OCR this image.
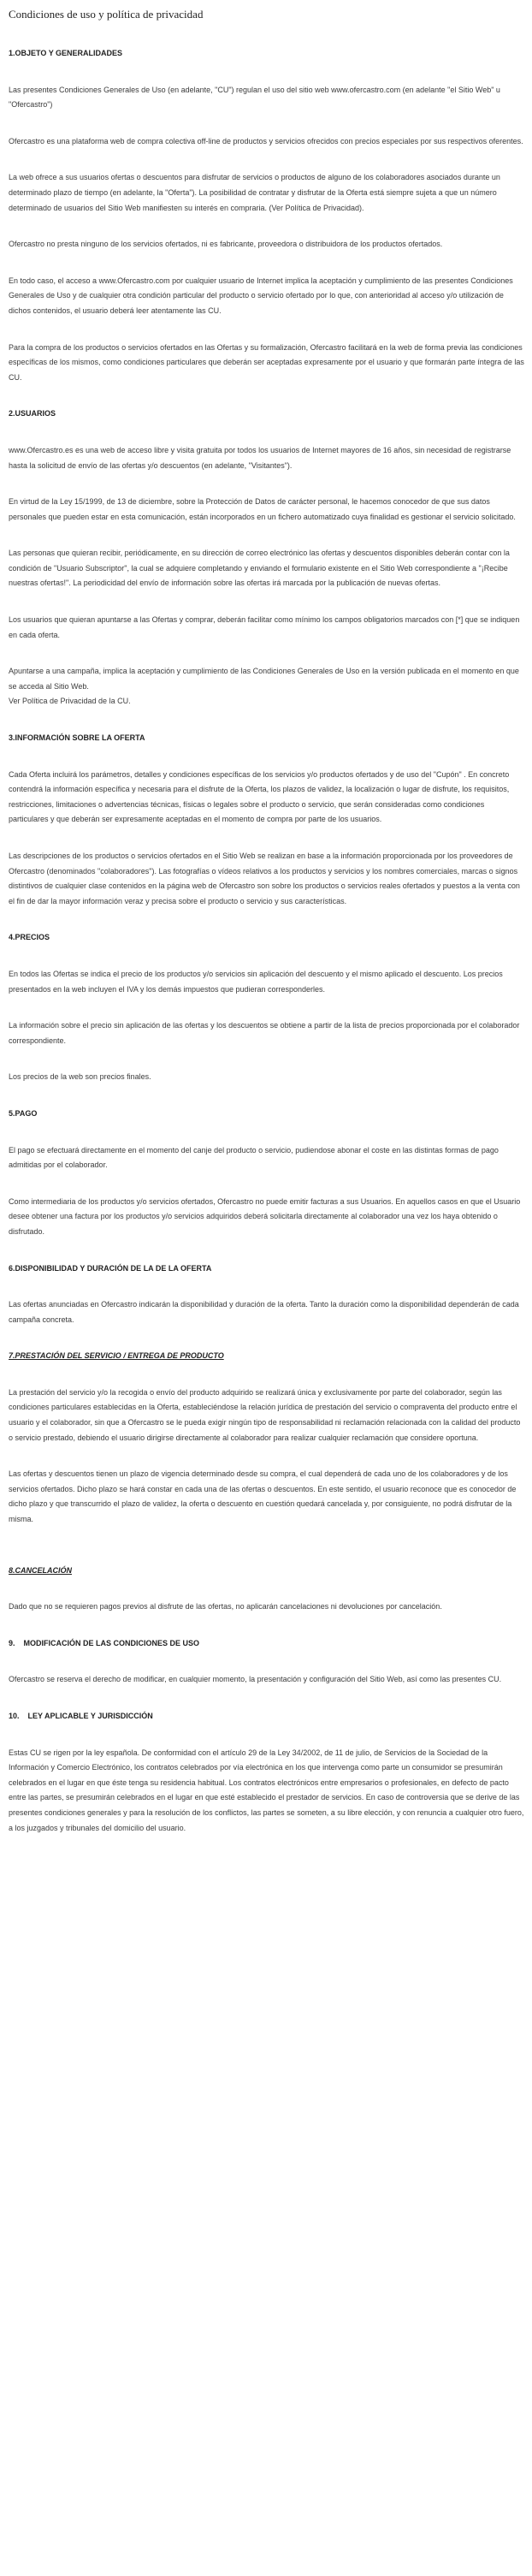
Condiciones de uso y política de privacidad
1.OBJETO Y GENERALIDADES

Las presentes Condiciones Generales de Uso (en adelante, "CU") regulan el uso del sitio web www.ofercastro.com (en adelante "el Sitio Web" u "Ofercastro")

Ofercastro es una plataforma web de compra colectiva off-line de productos y servicios ofrecidos con precios especiales por sus respectivos oferentes.

La web ofrece a sus usuarios ofertas o descuentos para disfrutar de servicios o productos de alguno de los colaboradores asociados durante un determinado plazo de tiempo (en adelante, la "Oferta"). La posibilidad de contratar y disfrutar de la Oferta está siempre sujeta a que un número determinado de usuarios del Sitio Web manifiesten su interés en compraria. (Ver Política de Privacidad).

Ofercastro no presta ninguno de los servicios ofertados, ni es fabricante, proveedora o distribuidora de los productos ofertados.

En todo caso, el acceso a www.Ofercastro.com por cualquier usuario de Internet implica la aceptación y cumplimiento de las presentes Condiciones Generales de Uso y de cualquier otra condición particular del producto o servicio ofertado por lo que, con anterioridad al acceso y/o utilización de dichos contenidos, el usuario deberá leer atentamente las CU.

Para la compra de los productos o servicios ofertados en las Ofertas y su formalización, Ofercastro facilitará en la web de forma previa las condiciones específicas de los mismos, como condiciones particulares que deberán ser aceptadas expresamente por el usuario y que formarán parte íntegra de las CU.

2.USUARIOS

www.Ofercastro.es es una web de acceso libre y visita gratuita por todos los usuarios de Internet mayores de 16 años, sin necesidad de registrarse hasta la solicitud de envío de las ofertas y/o descuentos (en adelante, "Visitantes").

En virtud de la Ley 15/1999, de 13 de diciembre, sobre la Protección de Datos de carácter personal, le hacemos conocedor de que sus datos personales que pueden estar en esta comunicación, están incorporados en un fichero automatizado cuya finalidad es gestionar el servicio solicitado.

Las personas que quieran recibir, periódicamente, en su dirección de correo electrónico las ofertas y descuentos disponibles deberán contar con la condición de "Usuario Subscriptor", la cual se adquiere completando y enviando el formulario existente en el Sitio Web correspondiente a "¡Recibe nuestras ofertas!". La periodicidad del envío de información sobre las ofertas irá marcada por la publicación de nuevas ofertas.

Los usuarios que quieran apuntarse a las Ofertas y comprar, deberán facilitar como mínimo los campos obligatorios marcados con [*] que se indiquen en cada oferta.

Apuntarse a una campaña, implica la aceptación y cumplimiento de las Condiciones Generales de Uso en la versión publicada en el momento en que se acceda al Sitio Web.
Ver Política de Privacidad de la CU.

3.INFORMACIÓN SOBRE LA OFERTA

Cada Oferta incluirá los parámetros, detalles y condiciones específicas de los servicios y/o productos ofertados y de uso del "Cupón" . En concreto contendrá la información específica y necesaria para el disfrute de la Oferta, los plazos de validez, la localización o lugar de disfrute, los requisitos, restricciones, limitaciones o advertencias técnicas, físicas o legales sobre el producto o servicio, que serán consideradas como condiciones particulares y que deberán ser expresamente aceptadas en el momento de compra por parte de los usuarios.

Las descripciones de los productos o servicios ofertados en el Sitio Web se realizan en base a la información proporcionada por los proveedores de Ofercastro (denominados "colaboradores"). Las fotografías o vídeos relativos a los productos y servicios y los nombres comerciales, marcas o signos distintivos de cualquier clase contenidos en la página web de Ofercastro son sobre los productos o servicios reales ofertados y puestos a la venta con el fin de dar la mayor información veraz y precisa sobre el producto o servicio y sus características.

4.PRECIOS

En todos las Ofertas se indica el precio de los productos y/o servicios sin aplicación del descuento y el mismo aplicado el descuento. Los precios presentados en la web incluyen el IVA y los demás impuestos que pudieran corresponderles.

La información sobre el precio sin aplicación de las ofertas y los descuentos se obtiene a partir de la lista de precios proporcionada por el colaborador correspondiente.

Los precios de la web son precios finales.

5.PAGO

El pago se efectuará directamente en el momento del canje del producto o servicio, pudiendose abonar el coste en las distintas formas de pago admitidas por el colaborador.

Como intermediaria de los productos y/o servicios ofertados, Ofercastro no puede emitir facturas a sus Usuarios. En aquellos casos en que el Usuario desee obtener una factura por los productos y/o servicios adquiridos deberá solicitarla directamente al colaborador una vez los haya obtenido o disfrutado.

6.DISPONIBILIDAD Y DURACIÓN DE LA DE LA OFERTA

Las ofertas anunciadas en Ofercastro indicarán la disponibilidad y duración de la oferta. Tanto la duración como la disponibilidad dependerán de cada campaña concreta.

7.PRESTACIÓN DEL SERVICIO / ENTREGA DE PRODUCTO

La prestación del servicio y/o la recogida o envío del producto adquirido se realizará única y exclusivamente por parte del colaborador, según las condiciones particulares establecidas en la Oferta, estableciéndose la relación jurídica de prestación del servicio o compraventa del producto entre el usuario y el colaborador, sin que a Ofercastro se le pueda exigir ningún tipo de responsabilidad ni reclamación relacionada con la calidad del producto o servicio prestado, debiendo el usuario dirigirse directamente al colaborador para realizar cualquier reclamación que considere oportuna.

Las ofertas y descuentos tienen un plazo de vigencia determinado desde su compra, el cual dependerá de cada uno de los colaboradores y de los servicios ofertados. Dicho plazo se hará constar en cada una de las ofertas o descuentos. En este sentido, el usuario reconoce que es conocedor de dicho plazo y que transcurrido el plazo de validez, la oferta o descuento en cuestión quedará cancelada y, por consiguiente, no podrá disfrutar de la misma.

8.CANCELACIÓN

Dado que no se requieren pagos previos al disfrute de las ofertas, no aplicarán cancelaciones ni devoluciones por cancelación.

9.    MODIFICACIÓN DE LAS CONDICIONES DE USO

Ofercastro se reserva el derecho de modificar, en cualquier momento, la presentación y configuración del Sitio Web, así como las presentes CU.

10.    LEY APLICABLE Y JURISDICCIÓN

Estas CU se rigen por la ley española. De conformidad con el artículo 29 de la Ley 34/2002, de 11 de julio, de Servicios de la Sociedad de la Información y Comercio Electrónico, los contratos celebrados por vía electrónica en los que intervenga como parte un consumidor se presumirán celebrados en el lugar en que éste tenga su residencia habitual. Los contratos electrónicos entre empresarios o profesionales, en defecto de pacto entre las partes, se presumirán celebrados en el lugar en que esté establecido el prestador de servicios. En caso de controversia que se derive de las presentes condiciones generales y para la resolución de los conflictos, las partes se someten, a su libre elección, y con renuncia a cualquier otro fuero, a los juzgados y tribunales del domicilio del usuario.
